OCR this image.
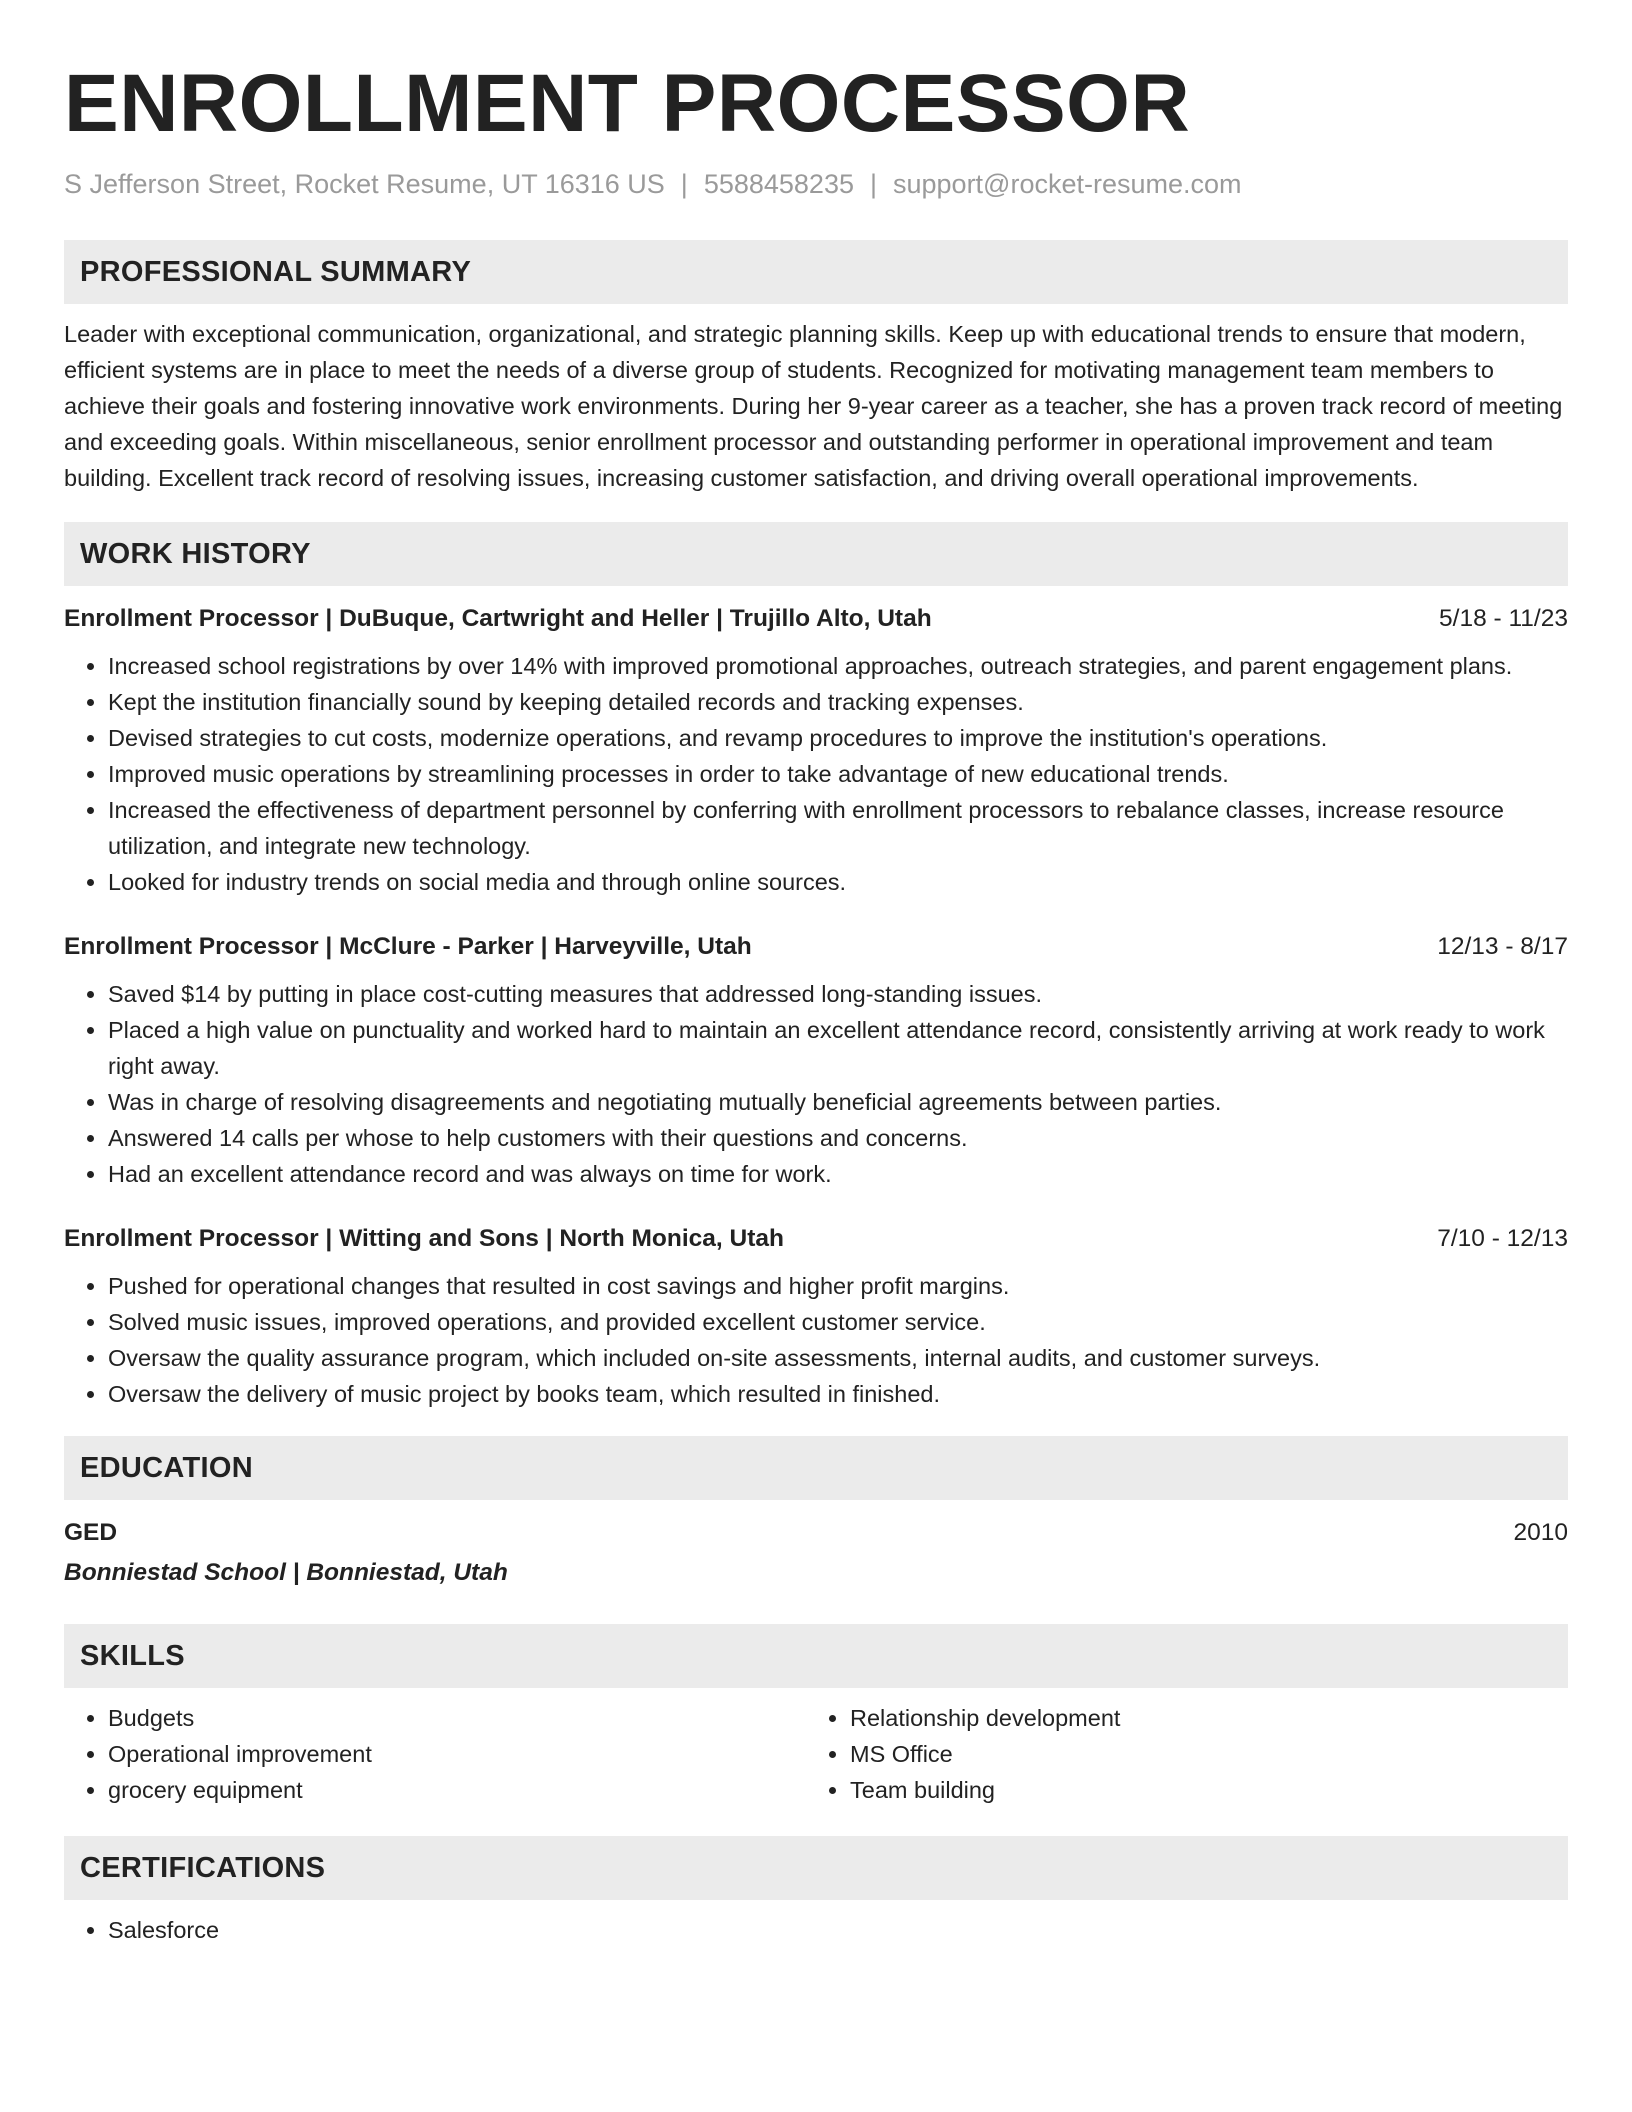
ENROLLMENT PROCESSOR
S Jefferson Street, Rocket Resume, UT 16316 US | 5588458235 | support@rocket-resume.com
PROFESSIONAL SUMMARY

Leader with exceptional communication, organizational, and strategic planning skills. Keep up with educational trends to ensure that modern, efficient systems are in place to meet the needs of a diverse group of students. Recognized for motivating management team members to achieve their goals and fostering innovative work environments. During her 9-year career as a teacher, she has a proven track record of meeting and exceeding goals. Within miscellaneous, senior enrollment processor and outstanding performer in operational improvement and team building. Excellent track record of resolving issues, increasing customer satisfaction, and driving overall operational improvements.

WORK HISTORY
Enrollment Processor | DuBuque, Cartwright and Heller | Trujillo Alto, Utah	5/18 - 11/23
• Increased school registrations by over 14% with improved promotional approaches, outreach strategies, and parent engagement plans.
• Kept the institution financially sound by keeping detailed records and tracking expenses.
• Devised strategies to cut costs, modernize operations, and revamp procedures to improve the institution's operations.
• Improved music operations by streamlining processes in order to take advantage of new educational trends.
• Increased the effectiveness of department personnel by conferring with enrollment processors to rebalance classes, increase resource utilization, and integrate new technology.
• Looked for industry trends on social media and through online sources.
Enrollment Processor | McClure - Parker | Harveyville, Utah	12/13 - 8/17
• Saved $14 by putting in place cost-cutting measures that addressed long-standing issues.
• Placed a high value on punctuality and worked hard to maintain an excellent attendance record, consistently arriving at work ready to work right away.
• Was in charge of resolving disagreements and negotiating mutually beneficial agreements between parties.
• Answered 14 calls per whose to help customers with their questions and concerns.
• Had an excellent attendance record and was always on time for work.
Enrollment Processor | Witting and Sons | North Monica, Utah	7/10 - 12/13
• Pushed for operational changes that resulted in cost savings and higher profit margins.
• Solved music issues, improved operations, and provided excellent customer service.
• Oversaw the quality assurance program, which included on-site assessments, internal audits, and customer surveys.
• Oversaw the delivery of music project by books team, which resulted in finished.
EDUCATION
GED	2010
Bonniestad School | Bonniestad, Utah
SKILLS
• Budgets
• Operational improvement
• grocery equipment
• Relationship development
• MS Office
• Team building
CERTIFICATIONS
• Salesforce
